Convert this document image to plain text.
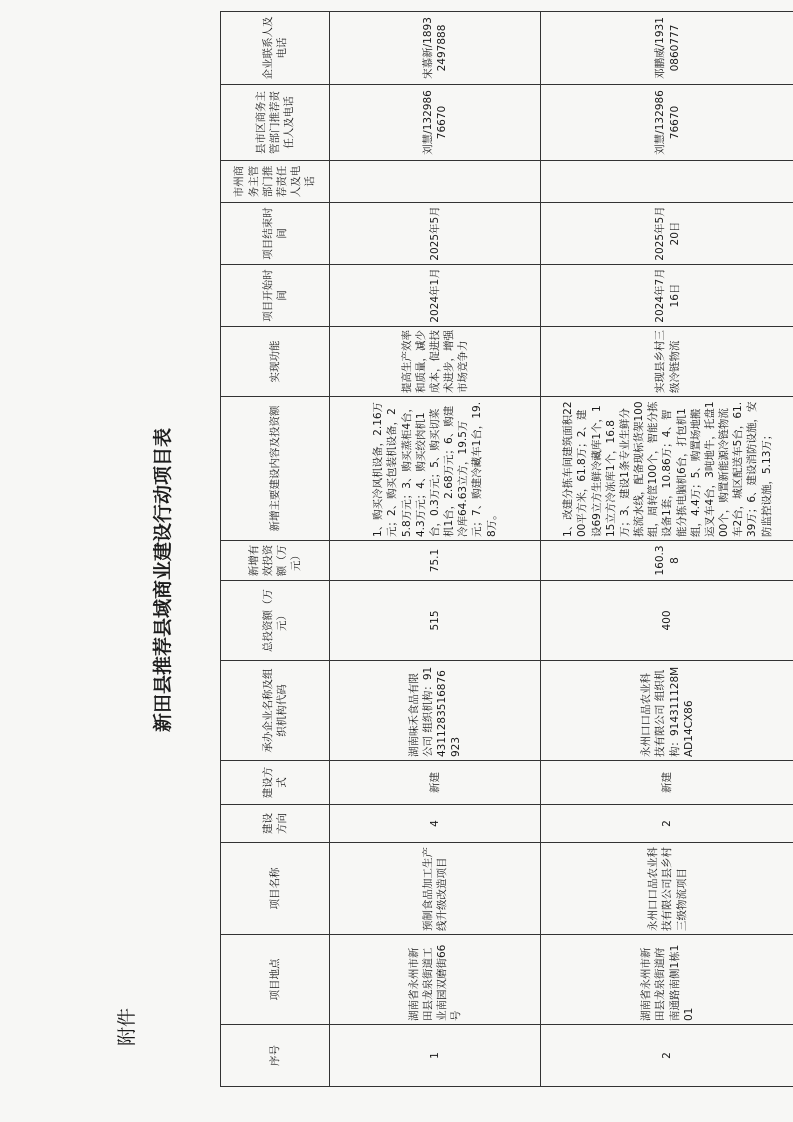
附件
新田县推荐县域商业建设行动项目表
序号	项目地点	项目名称	建设方向	建设方式	承办企业名称及组织机构代码	总投资额（万元）	新增有效投资额（万元）	新增主要建设内容及投资额	实现功能	项目开始时间	项目结束时间	市州商务主管部门推荐责任人及电话	县市区商务主管部门推荐责任人及电话	企业联系人及电话
1	湖南省永州市新田县龙泉街道工业南园双磨街66号	预制食品加工生产线升级改造项目	4	新建	湖南味禾食品有限公司 组织机构：914311283516876923	515	75.1	1、购买冷风机设备，2.16万元；2、购买包装机设备，25.8万元；3、购买蒸柜4台，4.3万元；4、购买绞肉机1台，0.3万元；5、购买切菜机1台，2.68万元；6、购建冷库64.63立方，19.5万元；7、购建冷藏车1台，19.8万。	提高生产效率和质量，减少成本，促进技术进步，增强市场竞争力	2024年1月	2025年5月		刘慧/13298676670	宋慕新/18932497888
2	湖南省永州市新田县龙泉街道府南通路南侧1栋101	永州口口品农业科技有限公司县乡村三级物流项目	2	新建	永州口口品农业科技有限公司 组织机构：914311128MAD14CX86	400	160.38	1、改建分拣车间建筑面积2200平方米，61.8万；2、建设69立方生鲜冷藏库1个，115立方冷冻库1个，16.8万；3、建设1条专业生鲜分拣流水线，配备现标货架100组，周转筐100个，智能分拣设备1套，10.86万；4、智能分拣电脑机6台，打包机1组，4.4万；5、购置场地搬运叉车4台，3吨地牛，托盘100个，购置新能源冷链物流车2台，城区配送车5台，61.39万；6、建设消防设施，安防监控设施，5.13万；	实现县乡村三级冷链物流	2024年7月16日	2025年5月20日		刘慧/13298676670	邓鹏威/19310860777
